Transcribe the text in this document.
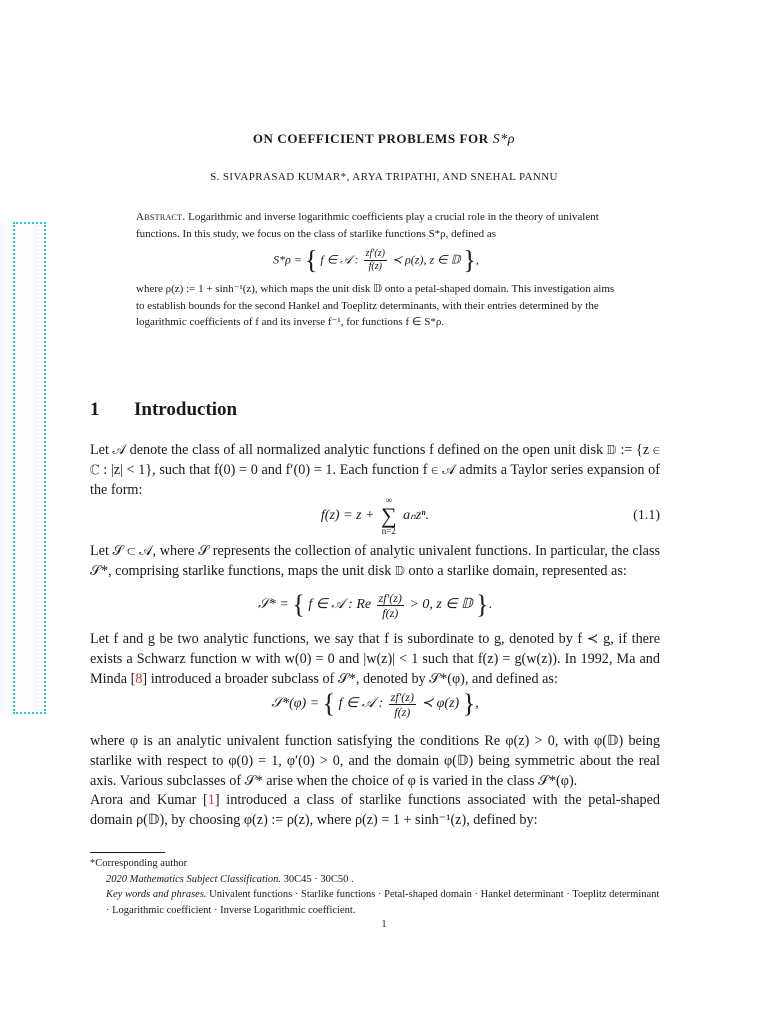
ON COEFFICIENT PROBLEMS FOR S*ρ
S. SIVAPRASAD KUMAR*, ARYA TRIPATHI, AND SNEHAL PANNU

Abstract. Logarithmic and inverse logarithmic coefficients play a crucial role in the theory of univalent functions. In this study, we focus on the class of starlike functions S*ρ, defined as

S*ρ = { f ∈ 𝒜 : $\frac{zf'(z)}{f(z)}$ ≺ ρ(z), z ∈ 𝔻 },

where ρ(z) := 1 + sinh⁻¹(z), which maps the unit disk 𝔻 onto a petal-shaped domain. This investigation aims to establish bounds for the second Hankel and Toeplitz determinants, with their entries determined by the logarithmic coefficients of f and its inverse f⁻¹, for functions f ∈ S*ρ.

1 Introduction
Let 𝒜 denote the class of all normalized analytic functions f defined on the open unit disk 𝔻 := {z ∈ ℂ : |z| < 1}, such that f(0) = 0 and f′(0) = 1. Each function f ∈ 𝒜 admits a Taylor series expansion of the form:
f(z) = z +
∞
∑
n=2
aₙzⁿ.	(1.1)
Let 𝒮 ⊂ 𝒜, where 𝒮 represents the collection of analytic univalent functions. In particular, the class 𝒮*, comprising starlike functions, maps the unit disk 𝔻 onto a starlike domain, represented as:
𝒮* = { f ∈ 𝒜 : Re $\frac{zf'(z)}{f(z)} > 0$, z ∈ 𝔻 }.
Let f and g be two analytic functions, we say that f is subordinate to g, denoted by f ≺ g, if there exists a Schwarz function w with w(0) = 0 and |w(z)| < 1 such that f(z) = g(w(z)). In 1992, Ma and Minda [8] introduced a broader subclass of 𝒮*, denoted by 𝒮*(φ), and defined as:
𝒮*(φ) = { f ∈ 𝒜 : $\frac{zf'(z)}{f(z)}$ ≺ φ(z) },
where φ is an analytic univalent function satisfying the conditions Re φ(z) > 0, with φ(𝔻) being starlike with respect to φ(0) = 1, φ′(0) > 0, and the domain φ(𝔻) being symmetric about the real axis. Various subclasses of 𝒮* arise when the choice of φ is varied in the class 𝒮*(φ).
Arora and Kumar [1] introduced a class of starlike functions associated with the petal-shaped domain ρ(𝔻), by choosing φ(z) := ρ(z), where ρ(z) = 1 + sinh⁻¹(z), defined by:

*Corresponding author

2020 Mathematics Subject Classification. 30C45 · 30C50 .

Key words and phrases. Univalent functions · Starlike functions · Petal-shaped domain · Hankel determinant · Toeplitz determinant · Logarithmic coefficient · Inverse Logarithmic coefficient.

1
